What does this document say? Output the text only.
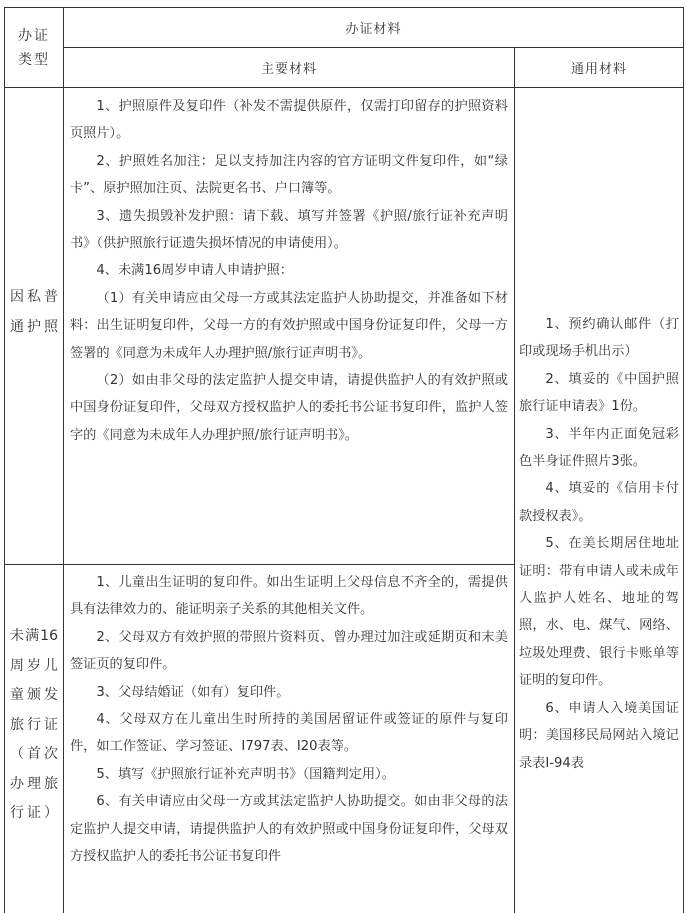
办证类型
办证材料
主要材料	通用材料
因私普通护照

1、护照原件及复印件（补发不需提供原件，仅需打印留存的护照资料页照片）。

2、护照姓名加注：足以支持加注内容的官方证明文件复印件，如“绿卡”、原护照加注页、法院更名书、户口簿等。

3、遗失损毁补发护照：请下载、填写并签署《护照/旅行证补充声明书》（供护照旅行证遗失损坏情况的申请使用）。

4、未满16周岁申请人申请护照：

（1）有关申请应由父母一方或其法定监护人协助提交，并准备如下材料：出生证明复印件，父母一方的有效护照或中国身份证复印件，父母一方签署的《同意为未成年人办理护照/旅行证声明书》。

（2）如由非父母的法定监护人提交申请，请提供监护人的有效护照或中国身份证复印件，父母双方授权监护人的委托书公证书复印件，监护人签字的《同意为未成年人办理护照/旅行证声明书》。

未满16周岁儿童颁发旅行证（首次办理旅行证）

1、儿童出生证明的复印件。如出生证明上父母信息不齐全的，需提供具有法律效力的、能证明亲子关系的其他相关文件。

2、父母双方有效护照的带照片资料页、曾办理过加注或延期页和末美签证页的复印件。

3、父母结婚证（如有）复印件。

4、父母双方在儿童出生时所持的美国居留证件或签证的原件与复印件，如工作签证、学习签证、I797表、I20表等。

5、填写《护照旅行证补充声明书》（国籍判定用）。

6、有关申请应由父母一方或其法定监护人协助提交。如由非父母的法定监护人提交申请，请提供监护人的有效护照或中国身份证复印件，父母双方授权监护人的委托书公证书复印件

1、预约确认邮件（打印或现场手机出示）

2、填妥的《中国护照旅行证申请表》1份。

3、半年内正面免冠彩色半身证件照片3张。

4、填妥的《信用卡付款授权表》。

5、在美长期居住地址证明：带有申请人或未成年人监护人姓名、地址的驾照，水、电、煤气、网络、垃圾处理费、银行卡账单等证明的复印件。

6、申请人入境美国证明：美国移民局网站入境记录表I-94表
